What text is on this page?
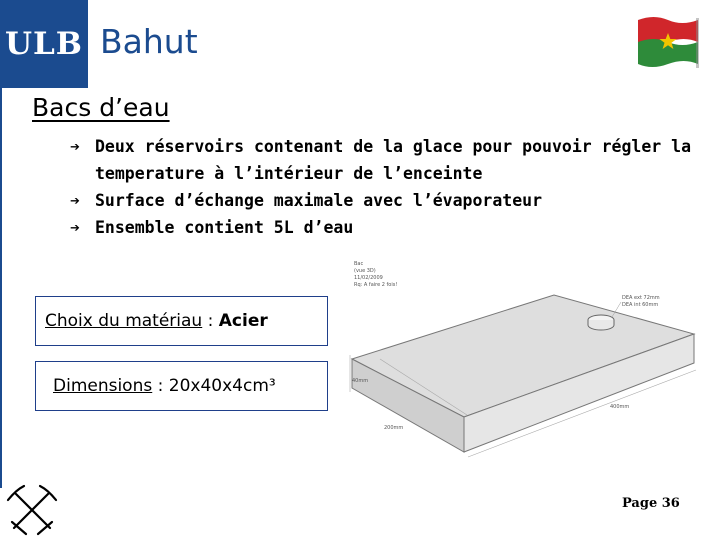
ULB Bahut
Bacs d’eau
➔ Deux réservoirs contenant de la glace pour pouvoir régler la temperature à l’intérieur de l’enceinte
➔ Surface d’échange maximale avec l’évaporateur
➔ Ensemble contient 5L d’eau
Choix du matériau : Acier
Dimensions : 20x40x4cm³
Bac
(vue 3D)
11/02/2009
Rq: A faire 2 fois!
40mm
400mm
200mm
DEA ext 72mm
DEA int 60mm
Page 36
